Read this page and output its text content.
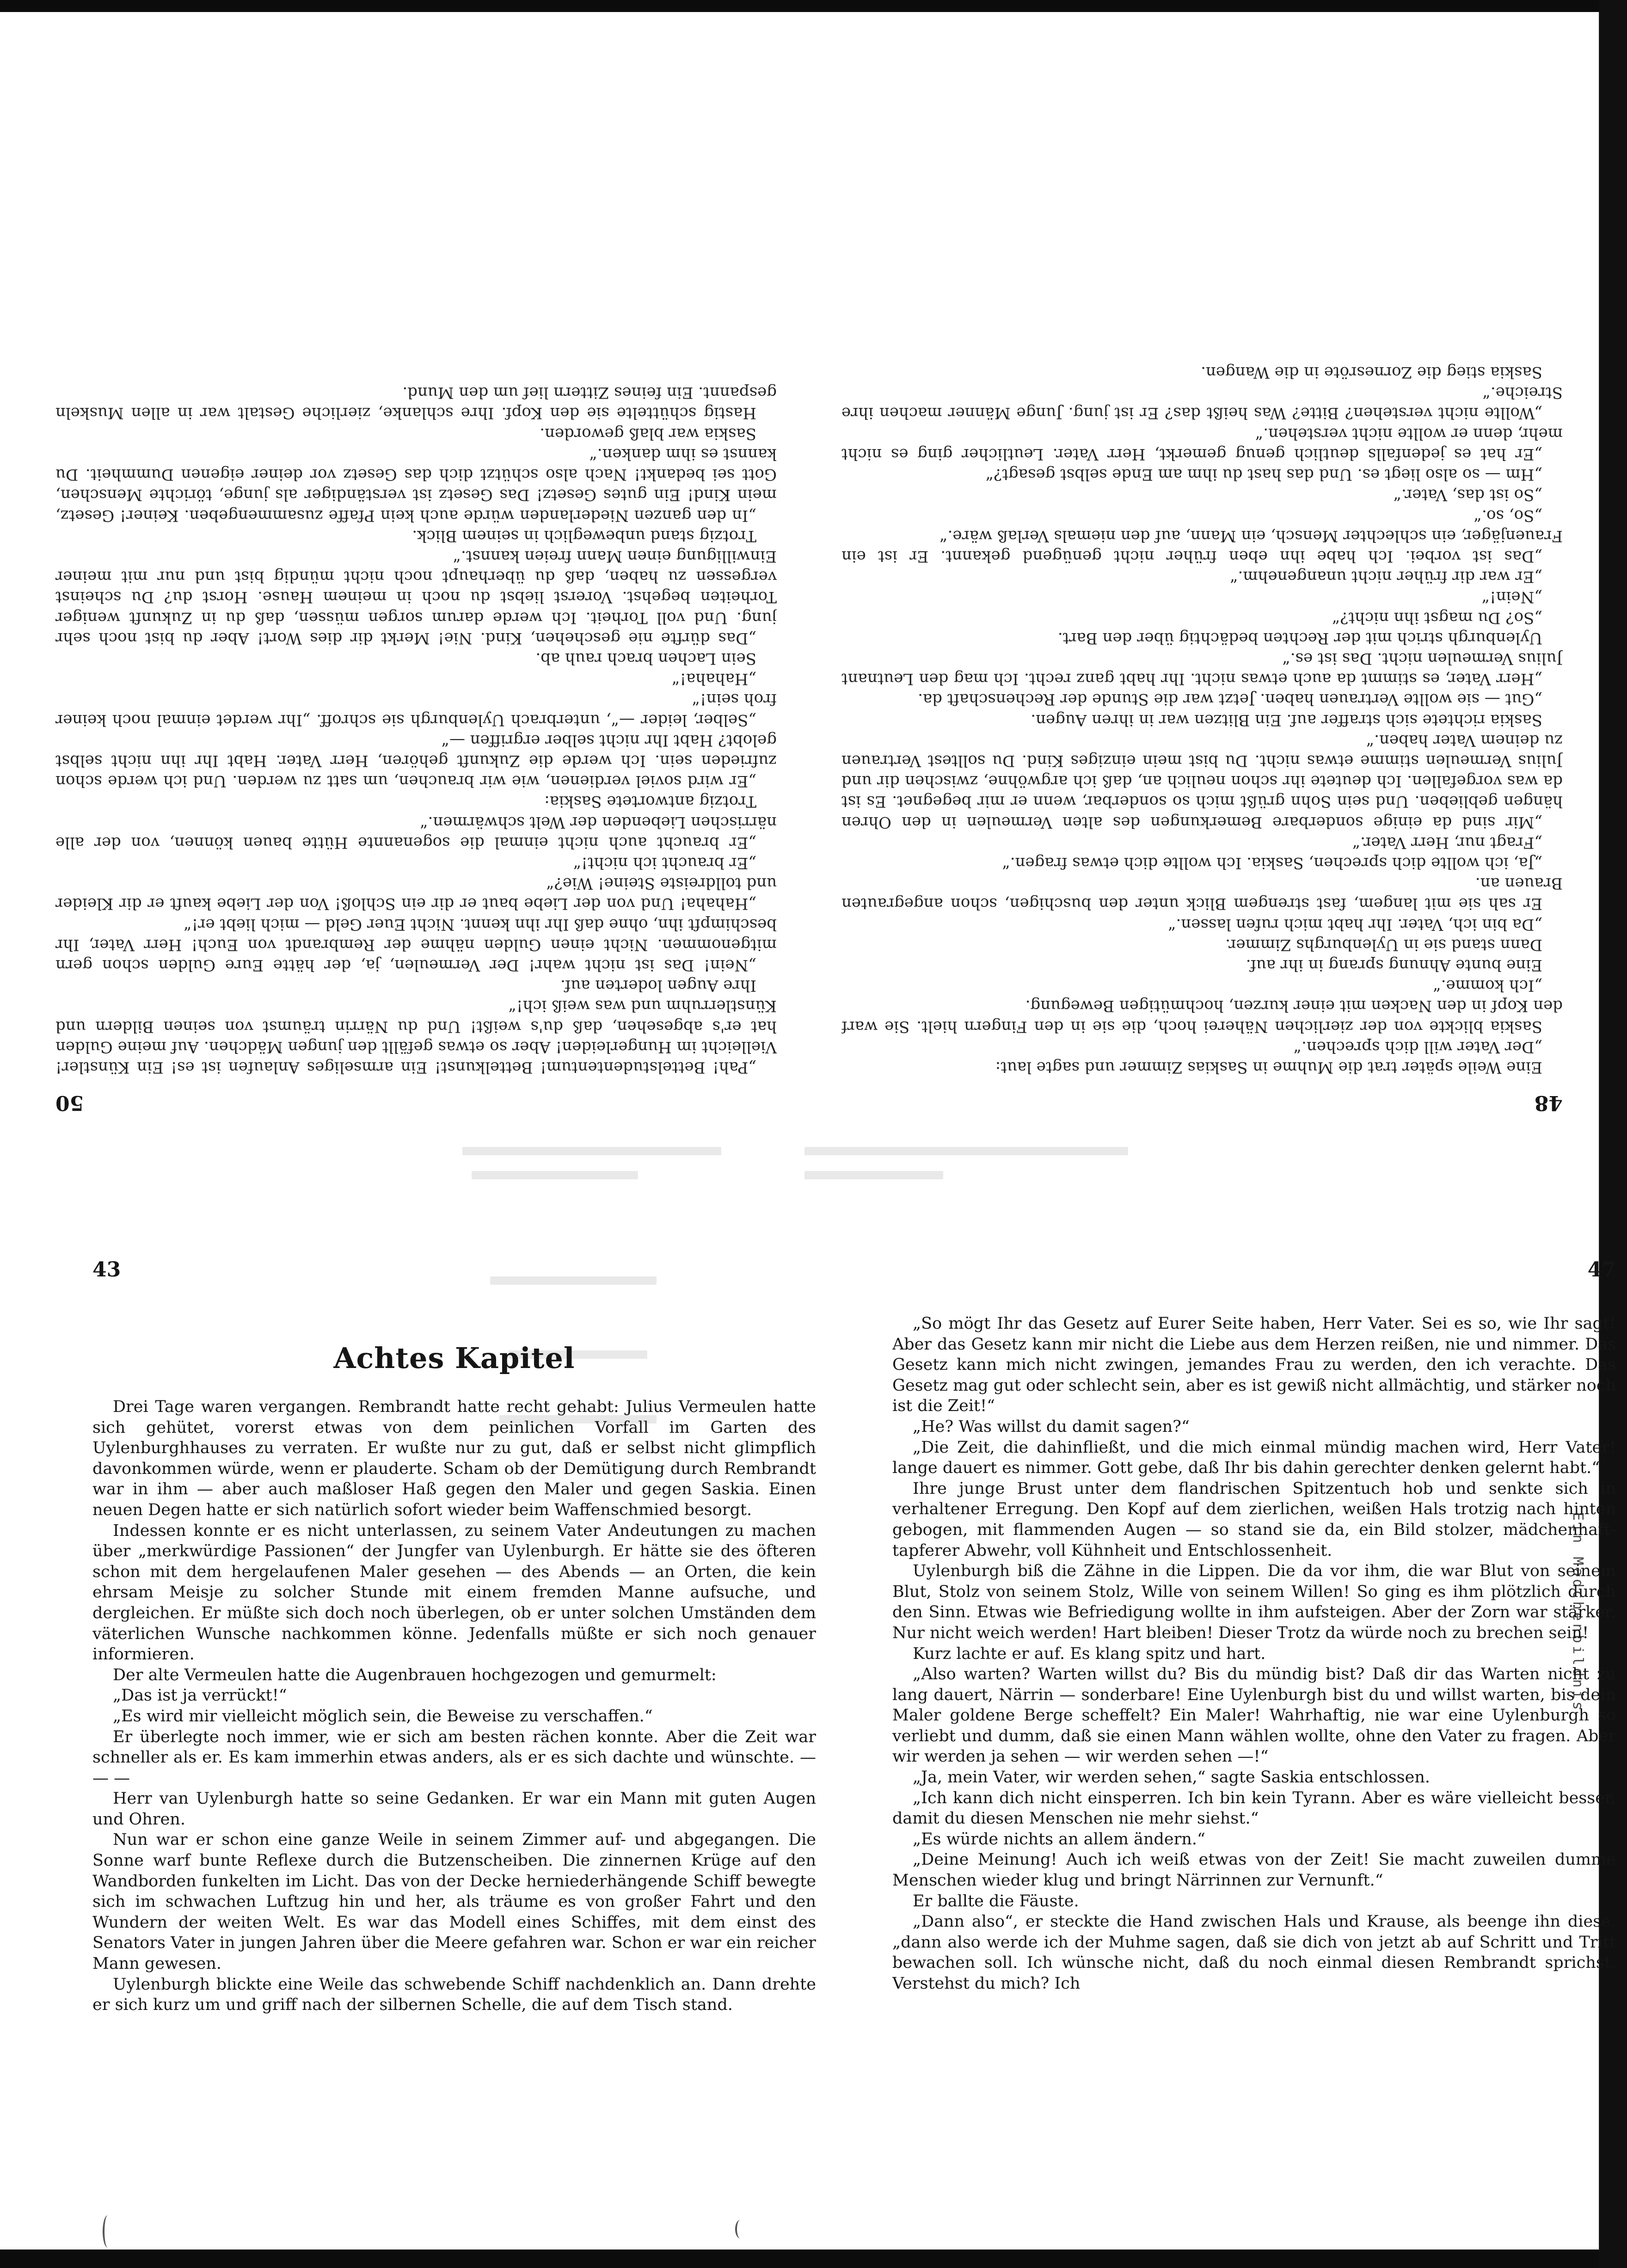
Ein Mädchenbildnis
48

Eine Weile später trat die Muhme in Saskias Zimmer und sagte laut:

„Der Vater will dich sprechen.“

Saskia blickte von der zierlichen Näherei hoch, die sie in den Fingern hielt. Sie warf den Kopf in den Nacken mit einer kurzen, hochmütigen Bewegung.

„Ich komme.“

Eine bunte Ahnung sprang in ihr auf.

Dann stand sie in Uylenburghs Zimmer.

„Da bin ich, Vater. Ihr habt mich rufen lassen.“

Er sah sie mit langem, fast strengem Blick unter den buschigen, schon angegrauten Brauen an.

„Ja, ich wollte dich sprechen, Saskia. Ich wollte dich etwas fragen.“

„Fragt nur, Herr Vater.“

„Mir sind da einige sonderbare Bemerkungen des alten Vermeulen in den Ohren hängen geblieben. Und sein Sohn grüßt mich so sonderbar, wenn er mir begegnet. Es ist da was vorgefallen. Ich deutete ihr schon neulich an, daß ich argwöhne, zwischen dir und Julius Vermeulen stimme etwas nicht. Du bist mein einziges Kind. Du solltest Vertrauen zu deinem Vater haben.“

Saskia richtete sich straffer auf. Ein Blitzen war in ihren Augen.

„Gut — sie wollte Vertrauen haben. Jetzt war die Stunde der Rechenschaft da.

„Herr Vater, es stimmt da auch etwas nicht. Ihr habt ganz recht. Ich mag den Leutnant Julius Vermeulen nicht. Das ist es.“

Uylenburgh strich mit der Rechten bedächtig über den Bart.

„So? Du magst ihn nicht?“

„Nein!“

„Er war dir früher nicht unangenehm.“

„Das ist vorbei. Ich habe ihn eben früher nicht genügend gekannt. Er ist ein Frauenjäger, ein schlechter Mensch, ein Mann, auf den niemals Verlaß wäre.“

„So, so.“

„So ist das, Vater.“

„Hm — so also liegt es. Und das hast du ihm am Ende selbst gesagt?“

„Er hat es jedenfalls deutlich genug gemerkt, Herr Vater. Leutlicher ging es nicht mehr, denn er wollte nicht verstehen.“

„Wollte nicht verstehen? Bitte? Was heißt das? Er ist jung. Junge Männer machen ihre Streiche.“

Saskia stieg die Zornesröte in die Wangen.

50

„Pah! Bettelstudententum! Bettelkunst! Ein armseliges Anlaufen ist es! Ein Künstler! Vielleicht im Hungerleiden! Aber so etwas gefällt den jungen Mädchen. Auf meine Gulden hat er's abgesehen, daß du's weißt! Und du Närrin träumst von seinen Bildern und Künstlerruhm und was weiß ich!“

Ihre Augen loderten auf.

„Nein! Das ist nicht wahr! Der Vermeulen, ja, der hätte Eure Gulden schon gern mitgenommen. Nicht einen Gulden nähme der Rembrandt von Euch! Herr Vater, Ihr beschimpft ihn, ohne daß Ihr ihn kennt. Nicht Euer Geld — mich liebt er!“

„Hahaha! Und von der Liebe baut er dir ein Schloß! Von der Liebe kauft er dir Kleider und tolldreiste Steine! Wie?“

„Er braucht ich nicht!“

„Er braucht auch nicht einmal die sogenannte Hütte bauen können, von der alle närrischen Liebenden der Welt schwärmen.“

Trotzig antwortete Saskia:

„Er wird soviel verdienen, wie wir brauchen, um satt zu werden. Und ich werde schon zufrieden sein. Ich werde die Zukunft gehören, Herr Vater. Habt Ihr ihn nicht selbst gelobt? Habt Ihr nicht selber ergriffen —“

„Selber, leider —“, unterbrach Uylenburgh sie schroff. „Ihr werdet einmal noch keiner froh sein!“

„Hahaha!“

Sein Lachen brach rauh ab.

„Das dürfte nie geschehen, Kind. Nie! Merkt dir dies Wort! Aber du bist noch sehr jung. Und voll Torheit. Ich werde darum sorgen müssen, daß du in Zukunft weniger Torheiten begehst. Vorerst liebst du noch in meinem Hause. Horst du? Du scheinst vergessen zu haben, daß du überhaupt noch nicht mündig bist und nur mit meiner Einwilligung einen Mann freien kannst.“

Trotzig stand unbeweglich in seinem Blick.

„In den ganzen Niederlanden würde auch kein Pfaffe zusammengeben. Keiner! Gesetz, mein Kind! Ein gutes Gesetz! Das Gesetz ist verständiger als junge, törichte Menschen, Gott sei bedankt! Nach also schützt dich das Gesetz vor deiner eigenen Dummheit. Du kannst es ihm danken.“

Saskia war blaß geworden.

Hastig schüttelte sie den Kopf. Ihre schlanke, zierliche Gestalt war in allen Muskeln gespannt. Ein feines Zittern lief um den Mund.

43
Achtes Kapitel

Drei Tage waren vergangen. Rembrandt hatte recht gehabt: Julius Vermeulen hatte sich gehütet, vorerst etwas von dem peinlichen Vorfall im Garten des Uylenburghhauses zu verraten. Er wußte nur zu gut, daß er selbst nicht glimpflich davonkommen würde, wenn er plauderte. Scham ob der Demütigung durch Rembrandt war in ihm — aber auch maßloser Haß gegen den Maler und gegen Saskia. Einen neuen Degen hatte er sich natürlich sofort wieder beim Waffenschmied besorgt.

Indessen konnte er es nicht unterlassen, zu seinem Vater Andeutungen zu machen über „merkwürdige Passionen“ der Jungfer van Uylenburgh. Er hätte sie des öfteren schon mit dem hergelaufenen Maler gesehen — des Abends — an Orten, die kein ehrsam Meisje zu solcher Stunde mit einem fremden Manne aufsuche, und dergleichen. Er müßte sich doch noch überlegen, ob er unter solchen Umständen dem väterlichen Wunsche nachkommen könne. Jedenfalls müßte er sich noch genauer informieren.

Der alte Vermeulen hatte die Augenbrauen hochgezogen und gemurmelt:

„Das ist ja verrückt!“

„Es wird mir vielleicht möglich sein, die Beweise zu verschaffen.“

Er überlegte noch immer, wie er sich am besten rächen konnte. Aber die Zeit war schneller als er. Es kam immerhin etwas anders, als er es sich dachte und wünschte. — — —

Herr van Uylenburgh hatte so seine Gedanken. Er war ein Mann mit guten Augen und Ohren.

Nun war er schon eine ganze Weile in seinem Zimmer auf- und abgegangen. Die Sonne warf bunte Reflexe durch die Butzenscheiben. Die zinnernen Krüge auf den Wandborden funkelten im Licht. Das von der Decke herniederhängende Schiff bewegte sich im schwachen Luftzug hin und her, als träume es von großer Fahrt und den Wundern der weiten Welt. Es war das Modell eines Schiffes, mit dem einst des Senators Vater in jungen Jahren über die Meere gefahren war. Schon er war ein reicher Mann gewesen.

Uylenburgh blickte eine Weile das schwebende Schiff nachdenklich an. Dann drehte er sich kurz um und griff nach der silbernen Schelle, die auf dem Tisch stand.

47

„So mögt Ihr das Gesetz auf Eurer Seite haben, Herr Vater. Sei es so, wie Ihr sagt! Aber das Gesetz kann mir nicht die Liebe aus dem Herzen reißen, nie und nimmer. Das Gesetz kann mich nicht zwingen, jemandes Frau zu werden, den ich verachte. Das Gesetz mag gut oder schlecht sein, aber es ist gewiß nicht allmächtig, und stärker noch ist die Zeit!“

„He? Was willst du damit sagen?“

„Die Zeit, die dahinfließt, und die mich einmal mündig machen wird, Herr Vater! lange dauert es nimmer. Gott gebe, daß Ihr bis dahin gerechter denken gelernt habt.“

Ihre junge Brust unter dem flandrischen Spitzentuch hob und senkte sich in verhaltener Erregung. Den Kopf auf dem zierlichen, weißen Hals trotzig nach hinten gebogen, mit flammenden Augen — so stand sie da, ein Bild stolzer, mädchenhaft-tapferer Abwehr, voll Kühnheit und Entschlossenheit.

Uylenburgh biß die Zähne in die Lippen. Die da vor ihm, die war Blut von seinem Blut, Stolz von seinem Stolz, Wille von seinem Willen! So ging es ihm plötzlich durch den Sinn. Etwas wie Befriedigung wollte in ihm aufsteigen. Aber der Zorn war stärker. Nur nicht weich werden! Hart bleiben! Dieser Trotz da würde noch zu brechen sein!

Kurz lachte er auf. Es klang spitz und hart.

„Also warten? Warten willst du? Bis du mündig bist? Daß dir das Warten nicht zu lang dauert, Närrin — sonderbare! Eine Uylenburgh bist du und willst warten, bis dein Maler goldene Berge scheffelt? Ein Maler! Wahrhaftig, nie war eine Uylenburgh so verliebt und dumm, daß sie einen Mann wählen wollte, ohne den Vater zu fragen. Aber wir werden ja sehen — wir werden sehen —!“

„Ja, mein Vater, wir werden sehen,“ sagte Saskia entschlossen.

„Ich kann dich nicht einsperren. Ich bin kein Tyrann. Aber es wäre vielleicht besser, damit du diesen Menschen nie mehr siehst.“

„Es würde nichts an allem ändern.“

„Deine Meinung! Auch ich weiß etwas von der Zeit! Sie macht zuweilen dumme Menschen wieder klug und bringt Närrinnen zur Vernunft.“

Er ballte die Fäuste.

„Dann also“, er steckte die Hand zwischen Hals und Krause, als beenge ihn diese, „dann also werde ich der Muhme sagen, daß sie dich von jetzt ab auf Schritt und Tritt bewachen soll. Ich wünsche nicht, daß du noch einmal diesen Rembrandt sprichst. Verstehst du mich? Ich
